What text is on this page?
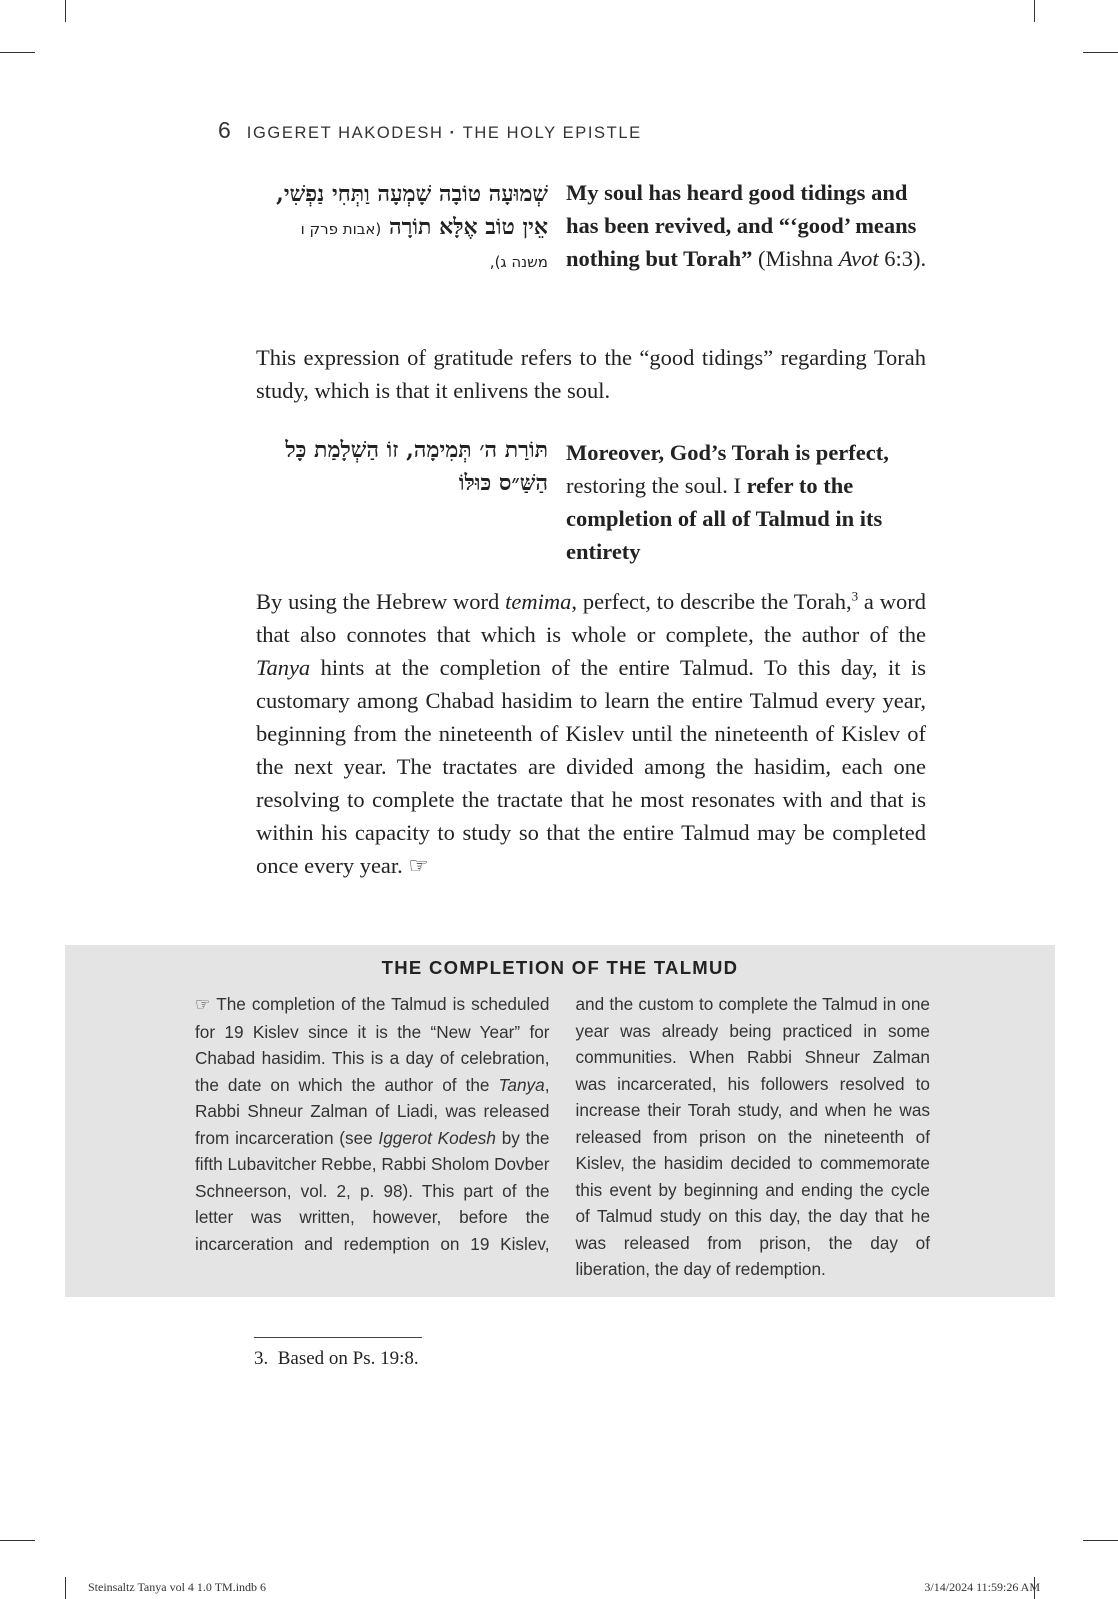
6 IGGERET HAKODESH · THE HOLY EPISTLE
שְׁמוּעָה טוֹבָה שָׁמְעָה וַתְּחִי נַפְשִׁי,
אֵין טוֹב אֶלָּא תוֹרָה (אבות פרק ו
משנה ג),
My soul has heard good tidings and has been revived, and “‘good’ means nothing but Torah” (Mishna Avot 6:3).

This expression of gratitude refers to the “good tidings” regarding Torah study, which is that it enlivens the soul.

תּוֹרַת ה׳ תְּמִימָה, זוֹ הַשְׁלָמַת כָּל
הַשַּׁ״ס כּוּלּוֹ
Moreover, God’s Torah is perfect, restoring the soul. I refer to the completion of all of Talmud in its entirety

By using the Hebrew word temima, perfect, to describe the Torah,$^3$ a word that also connotes that which is whole or complete, the author of the Tanya hints at the completion of the entire Talmud. To this day, it is customary among Chabad hasidim to learn the entire Talmud every year, beginning from the nineteenth of Kislev until the nineteenth of Kislev of the next year. The tractates are divided among the hasidim, each one resolving to complete the tractate that he most resonates with and that is within his capacity to study so that the entire Talmud may be completed once every year. ☞

THE COMPLETION OF THE TALMUD

☞ The completion of the Talmud is scheduled for 19 Kislev since it is the “New Year” for Chabad hasidim. This is a day of celebration, the date on which the author of the Tanya, Rabbi Shneur Zalman of Liadi, was released from incarceration (see Iggerot Kodesh by the fifth Lubavitcher Rebbe, Rabbi Sholom Dovber Schneerson, vol. 2, p. 98). This part of the letter was written, however, before the incarceration and redemption on 19 Kislev, and the custom to complete the Talmud in one year was already being practiced in some communities. When Rabbi Shneur Zalman was incarcerated, his followers resolved to increase their Torah study, and when he was released from prison on the nineteenth of Kislev, the hasidim decided to commemorate this event by beginning and ending the cycle of Talmud study on this day, the day that he was released from prison, the day of liberation, the day of redemption.

3. Based on Ps. 19:8.
Steinsaltz Tanya vol 4 1.0 TM.indb 6	3/14/2024 11:59:26 AM
